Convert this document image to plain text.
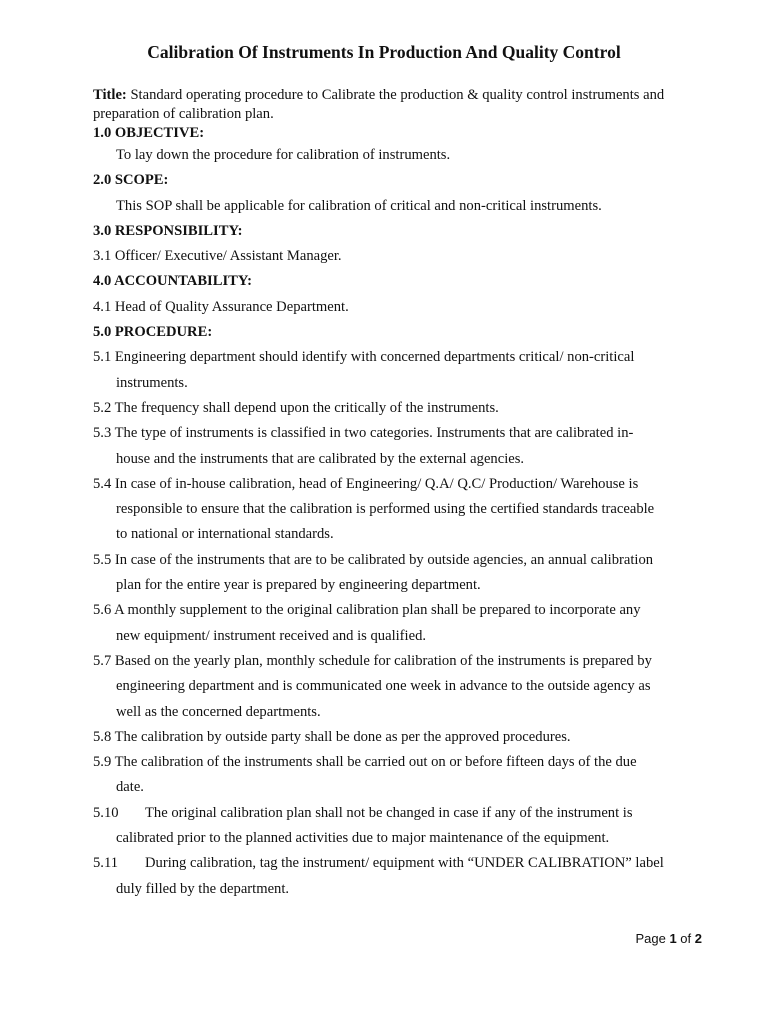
Calibration Of Instruments In Production And Quality Control

Title: Standard operating procedure to Calibrate the production & quality control instruments and

preparation of calibration plan.

1.0 OBJECTIVE:

To lay down the procedure for calibration of instruments.

2.0 SCOPE:

This SOP shall be applicable for calibration of critical and non-critical instruments.

3.0 RESPONSIBILITY:

3.1 Officer/ Executive/ Assistant Manager.

4.0 ACCOUNTABILITY:

4.1 Head of Quality Assurance Department.

5.0 PROCEDURE:

5.1 Engineering department should identify with concerned departments critical/ non-critical

instruments.

5.2 The frequency shall depend upon the critically of the instruments.

5.3 The type of instruments is classified in two categories. Instruments that are calibrated in-

house and the instruments that are calibrated by the external agencies.

5.4 In case of in-house calibration, head of Engineering/ Q.A/ Q.C/ Production/ Warehouse is

responsible to ensure that the calibration is performed using the certified standards traceable

to national or international standards.

5.5 In case of the instruments that are to be calibrated by outside agencies, an annual calibration

plan for the entire year is prepared by engineering department.

5.6 A monthly supplement to the original calibration plan shall be prepared to incorporate any

new equipment/ instrument received and is qualified.

5.7 Based on the yearly plan, monthly schedule for calibration of the instruments is prepared by

engineering department and is communicated one week in advance to the outside agency as

well as the concerned departments.

5.8 The calibration by outside party shall be done as per the approved procedures.

5.9 The calibration of the instruments shall be carried out on or before fifteen days of the due

date.

5.10 The original calibration plan shall not be changed in case if any of the instrument is

calibrated prior to the planned activities due to major maintenance of the equipment.

5.11 During calibration, tag the instrument/ equipment with “UNDER CALIBRATION” label

duly filled by the department.

Page 1 of 2
